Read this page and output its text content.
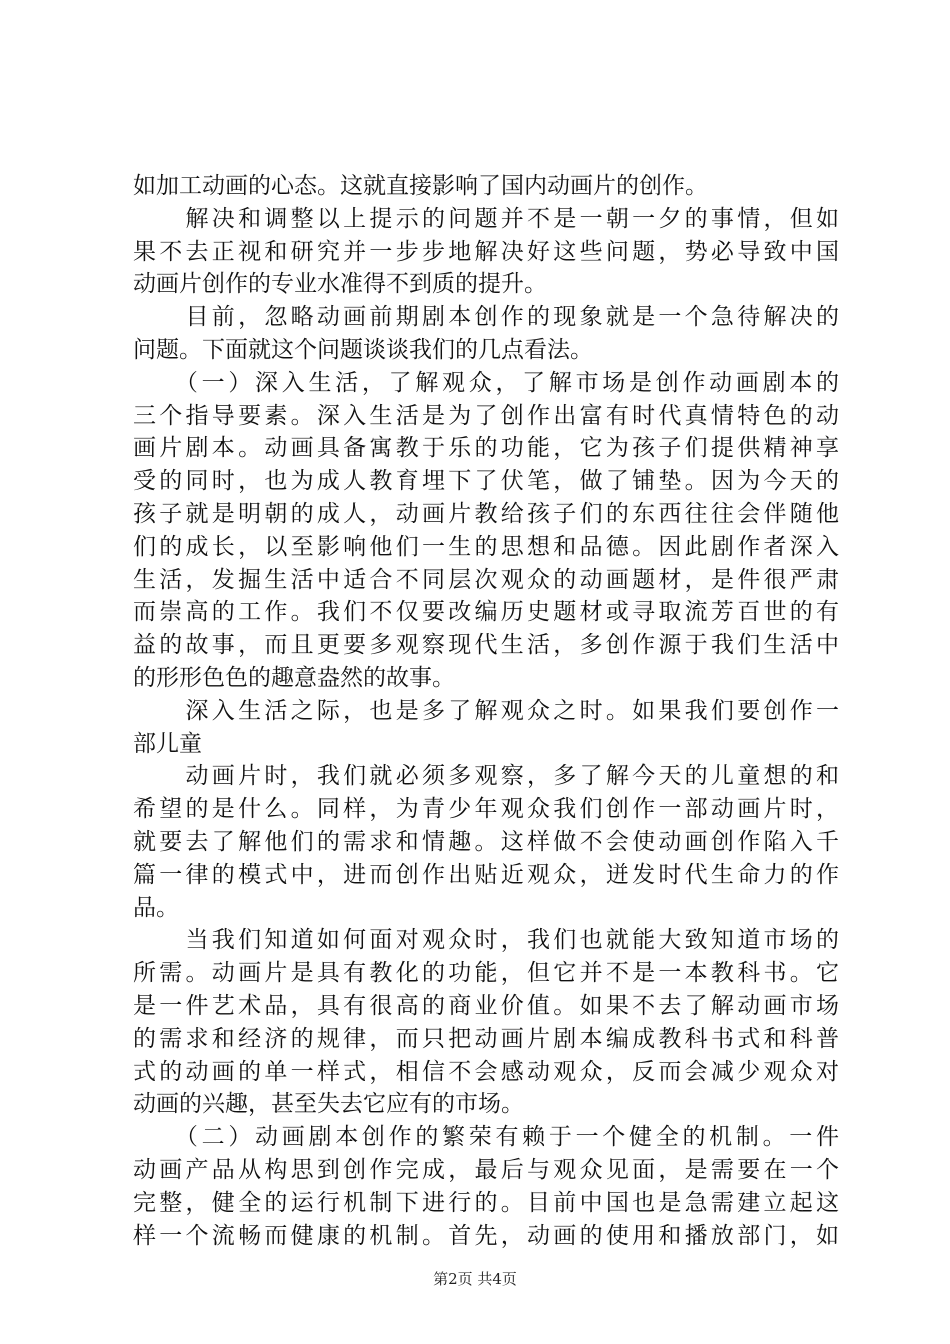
如加工动画的心态。这就直接影响了国内动画片的创作。
　　解决和调整以上提示的问题并不是一朝一夕的事情，但如
果不去正视和研究并一步步地解决好这些问题，势必导致中国
动画片创作的专业水准得不到质的提升。
　　目前，忽略动画前期剧本创作的现象就是一个急待解决的
问题。下面就这个问题谈谈我们的几点看法。
　　（一）深入生活，了解观众，了解市场是创作动画剧本的
三个指导要素。深入生活是为了创作出富有时代真情特色的动
画片剧本。动画具备寓教于乐的功能，它为孩子们提供精神享
受的同时，也为成人教育埋下了伏笔，做了铺垫。因为今天的
孩子就是明朝的成人，动画片教给孩子们的东西往往会伴随他
们的成长，以至影响他们一生的思想和品德。因此剧作者深入
生活，发掘生活中适合不同层次观众的动画题材，是件很严肃
而崇高的工作。我们不仅要改编历史题材或寻取流芳百世的有
益的故事，而且更要多观察现代生活，多创作源于我们生活中
的形形色色的趣意盎然的故事。
　　深入生活之际，也是多了解观众之时。如果我们要创作一
部儿童
　　动画片时，我们就必须多观察，多了解今天的儿童想的和
希望的是什么。同样，为青少年观众我们创作一部动画片时，
就要去了解他们的需求和情趣。这样做不会使动画创作陷入千
篇一律的模式中，进而创作出贴近观众，迸发时代生命力的作
品。
　　当我们知道如何面对观众时，我们也就能大致知道市场的
所需。动画片是具有教化的功能，但它并不是一本教科书。它
是一件艺术品，具有很高的商业价值。如果不去了解动画市场
的需求和经济的规律，而只把动画片剧本编成教科书式和科普
式的动画的单一样式，相信不会感动观众，反而会减少观众对
动画的兴趣，甚至失去它应有的市场。
　　（二）动画剧本创作的繁荣有赖于一个健全的机制。一件
动画产品从构思到创作完成，最后与观众见面，是需要在一个
完整，健全的运行机制下进行的。目前中国也是急需建立起这
样一个流畅而健康的机制。首先，动画的使用和播放部门，如
第2页 共4页
